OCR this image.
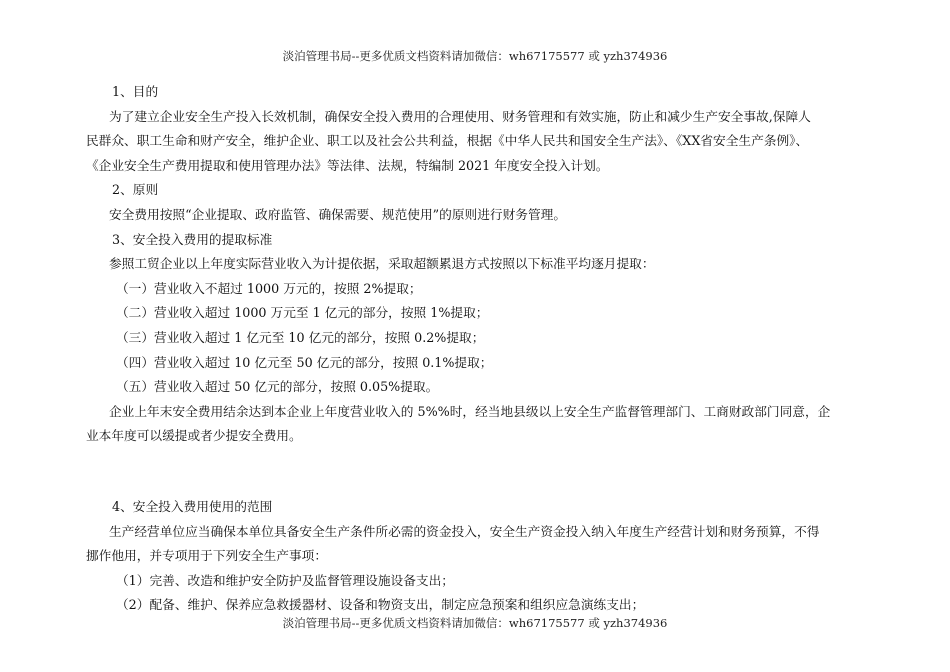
淡泊管理书局--更多优质文档资料请加微信：wh67175577 或 yzh374936
1、目的
为了建立企业安全生产投入长效机制，确保安全投入费用的合理使用、财务管理和有效实施，防止和减少生产安全事故,保障人
民群众、职工生命和财产安全，维护企业、职工以及社会公共利益，根据《中华人民共和国安全生产法》、《XX省安全生产条例》、
《企业安全生产费用提取和使用管理办法》等法律、法规，特编制 2021 年度安全投入计划。
2、原则
安全费用按照“企业提取、政府监管、确保需要、规范使用”的原则进行财务管理。
3、安全投入费用的提取标准
参照工贸企业以上年度实际营业收入为计提依据，采取超额累退方式按照以下标准平均逐月提取：
（一）营业收入不超过 1000 万元的，按照 2%提取；
（二）营业收入超过 1000 万元至 1 亿元的部分，按照 1%提取；
（三）营业收入超过 1 亿元至 10 亿元的部分，按照 0.2%提取；
（四）营业收入超过 10 亿元至 50 亿元的部分，按照 0.1%提取；
（五）营业收入超过 50 亿元的部分，按照 0.05%提取。
企业上年末安全费用结余达到本企业上年度营业收入的 5%%时，经当地县级以上安全生产监督管理部门、工商财政部门同意，企
业本年度可以缓提或者少提安全费用。
4、安全投入费用使用的范围
生产经营单位应当确保本单位具备安全生产条件所必需的资金投入，安全生产资金投入纳入年度生产经营计划和财务预算，不得
挪作他用，并专项用于下列安全生产事项：
（1）完善、改造和维护安全防护及监督管理设施设备支出；
（2）配备、维护、保养应急救援器材、设备和物资支出，制定应急预案和组织应急演练支出；
淡泊管理书局--更多优质文档资料请加微信：wh67175577 或 yzh374936
